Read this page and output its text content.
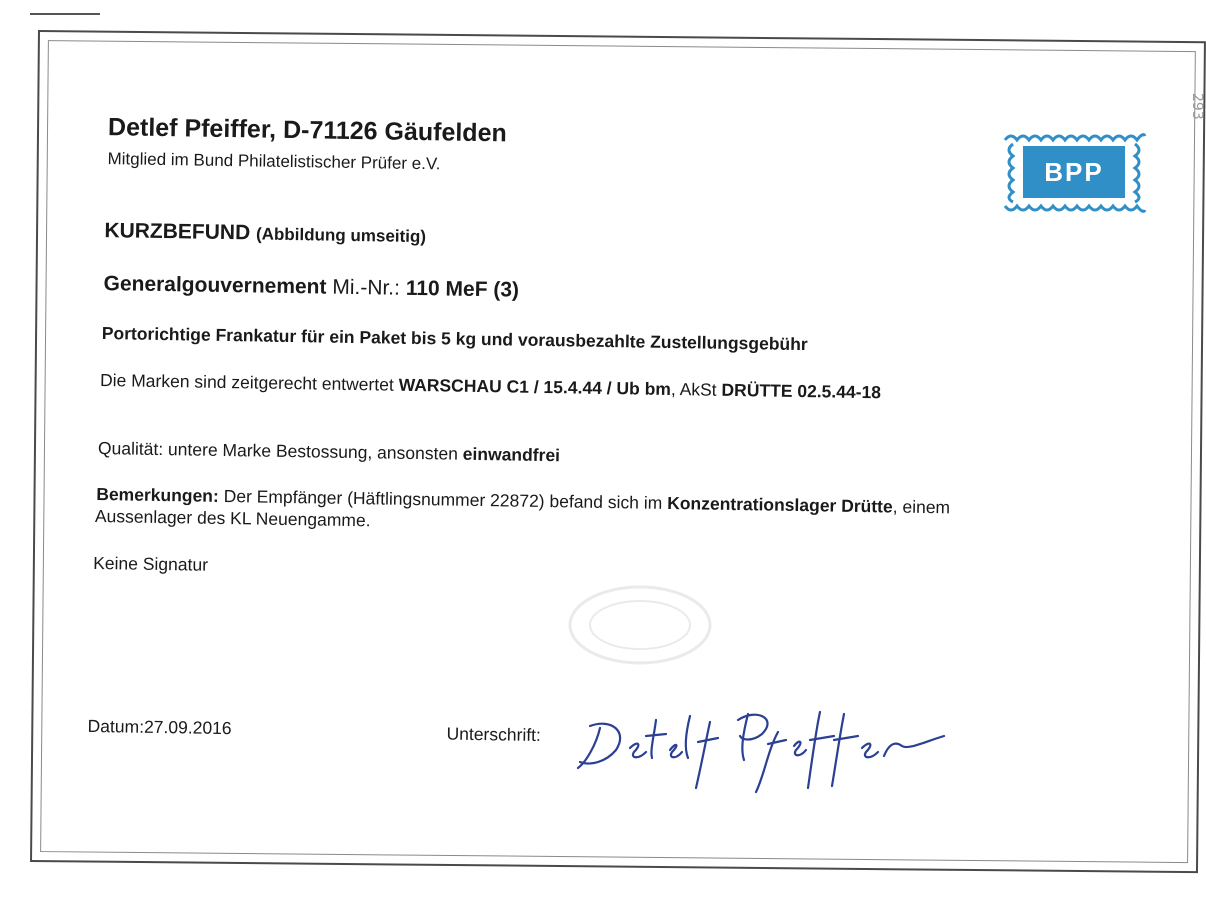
Detlef Pfeiffer, D-71126 Gäufelden
Mitglied im Bund Philatelistischer Prüfer e.V.
KURZBEFUND (Abbildung umseitig)
Generalgouvernement Mi.-Nr.: 110 MeF (3)
Portorichtige Frankatur für ein Paket bis 5 kg und vorausbezahlte Zustellungsgebühr
Die Marken sind zeitgerecht entwertet WARSCHAU C1 / 15.4.44 / Ub bm, AkSt DRÜTTE 02.5.44-18
Qualität: untere Marke Bestossung, ansonsten einwandfrei
Bemerkungen: Der Empfänger (Häftlingsnummer 22872) befand sich im Konzentrationslager Drütte, einem
Aussenlager des KL Neuengamme.
Keine Signatur
Datum:27.09.2016	Unterschrift:
BPP
293
